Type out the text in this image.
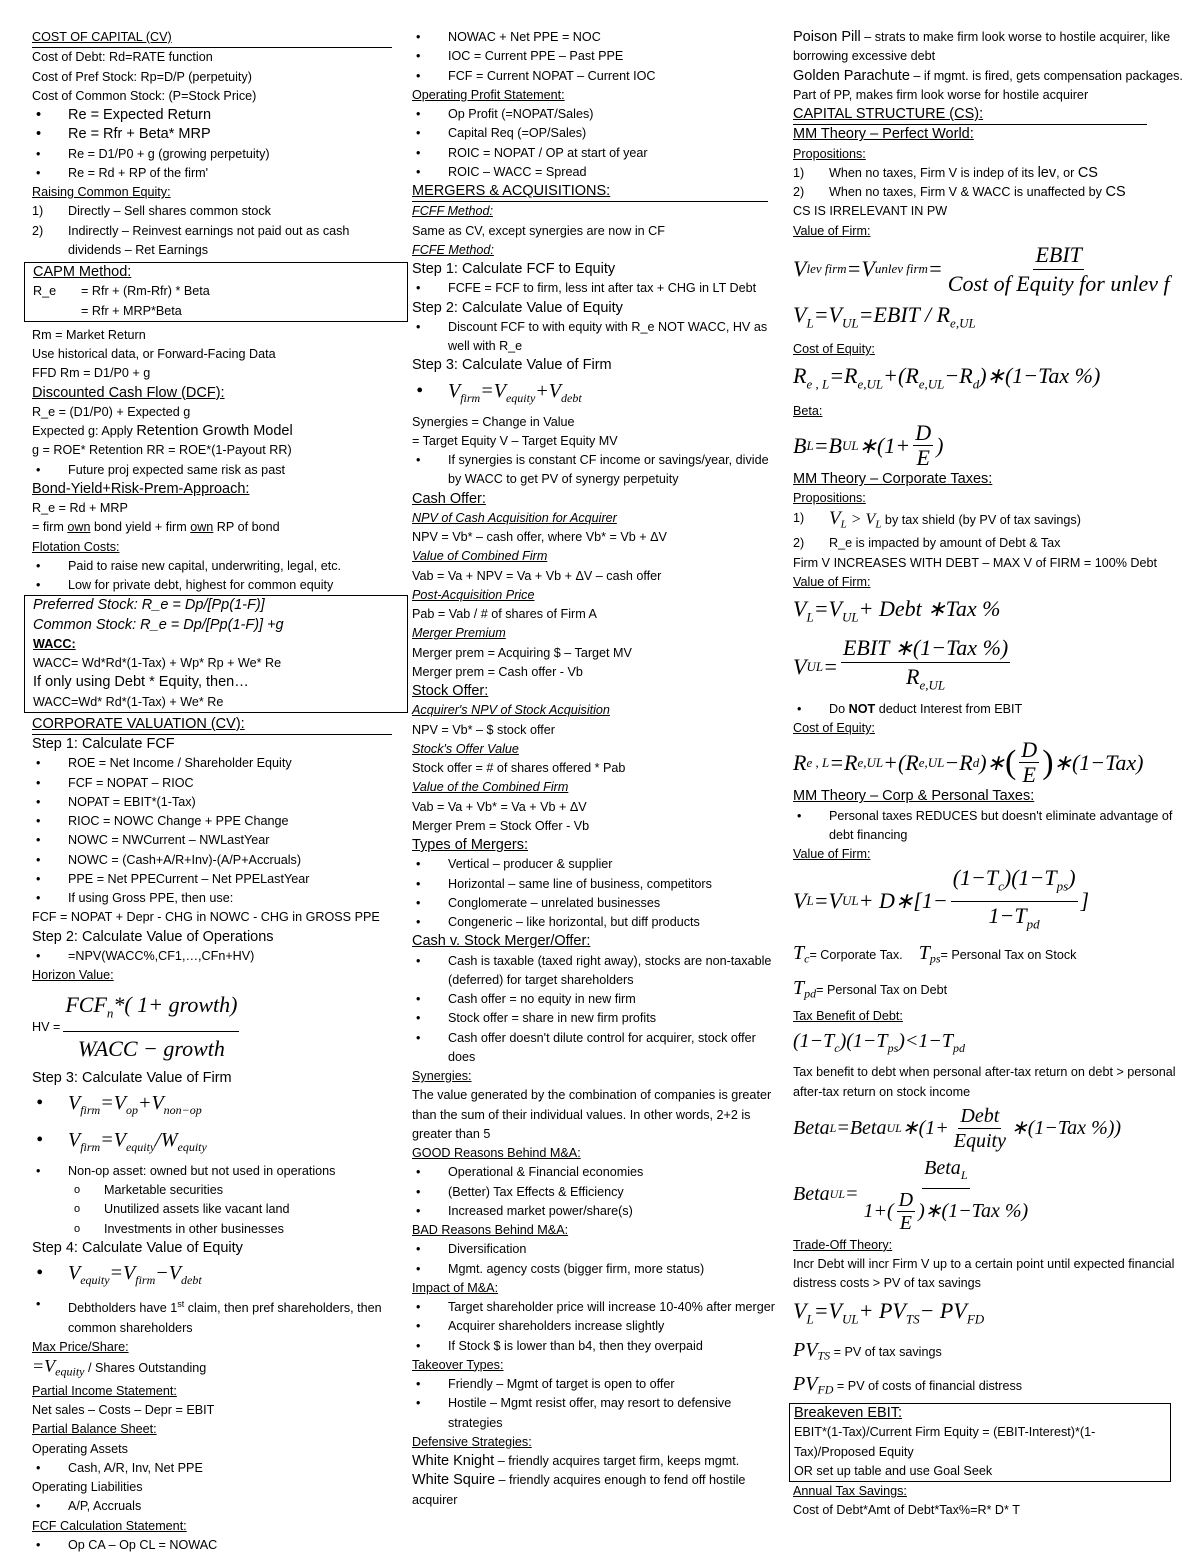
COST OF CAPITAL (CV)
Cost of Debt: Rd=RATE function
Cost of Pref Stock: Rp=D/P (perpetuity)
Cost of Common Stock: (P=Stock Price)
• Re = Expected Return
• Re = Rfr + Beta* MRP
• Re = D1/P0 + g (growing perpetuity)
• Re = Rd + RP of the firm'
Raising Common Equity:
1) Directly – Sell shares common stock
2) Indirectly – Reinvest earnings not paid out as cash dividends – Ret Earnings
CAPM Method:
R_e = Rfr + (Rm-Rfr) * Beta
= Rfr + MRP*Beta
Rm = Market Return
Use historical data, or Forward-Facing Data
FFD Rm = D1/P0 + g
Discounted Cash Flow (DCF):
R_e = (D1/P0) + Expected g
Expected g: Apply Retention Growth Model
g = ROE* Retention RR = ROE*(1-Payout RR)
• Future proj expected same risk as past
Bond-Yield+Risk-Prem-Approach:
R_e = Rd + MRP
= firm own bond yield + firm own RP of bond
Flotation Costs:
• Paid to raise new capital, underwriting, legal, etc.
• Low for private debt, highest for common equity
Preferred Stock: R_e = Dp/[Pp(1-F)]
Common Stock: R_e = Dp/[Pp(1-F)] +g
WACC:
WACC= Wd*Rd*(1-Tax) + Wp* Rp + We* Re
If only using Debt * Equity, then…
WACC=Wd* Rd*(1-Tax) + We* Re
CORPORATE VALUATION (CV):
Step 1: Calculate FCF
• ROE = Net Income / Shareholder Equity
• FCF = NOPAT – RIOC
• NOPAT = EBIT*(1-Tax)
• RIOC = NOWC Change + PPE Change
• NOWC = NWCurrent – NWLastYear
• NOWC = (Cash+A/R+Inv)-(A/P+Accruals)
• PPE = Net PPECurrent – Net PPELastYear
• If using Gross PPE, then use:
FCF = NOPAT + Depr - CHG in NOWC - CHG in GROSS PPE
Step 2: Calculate Value of Operations
• =NPV(WACC%,CF1,…,CFn+HV)
Horizon Value:
HV = $\frac{FCF_n*( 1+ growth)}{\text{WACC − growth}}$
Step 3: Calculate Value of Firm
• $V_{firm}=V_{op}+V_{non-op}$
• $V_{firm}=V_{equity}/W_{equity}$
• Non-op asset: owned but not used in operations
o Marketable securities
o Unutilized assets like vacant land
o Investments in other businesses
Step 4: Calculate Value of Equity
• $V_{equity}=V_{firm}-V_{debt}$
• Debtholders have 1st claim, then pref shareholders, then common shareholders
Max Price/Share:
$=V_{equity}$ / Shares Outstanding
Partial Income Statement:
Net sales – Costs – Depr = EBIT
Partial Balance Sheet:
Operating Assets
• Cash, A/R, Inv, Net PPE
Operating Liabilities
• A/P, Accruals
FCF Calculation Statement:
• Op CA – Op CL = NOWAC
• NOWAC + Net PPE = NOC
• IOC = Current PPE – Past PPE
• FCF = Current NOPAT – Current IOC
Operating Profit Statement:
• Op Profit (=NOPAT/Sales)
• Capital Req (=OP/Sales)
• ROIC = NOPAT / OP at start of year
• ROIC – WACC = Spread
MERGERS & ACQUISITIONS:
FCFF Method:
Same as CV, except synergies are now in CF
FCFE Method:
Step 1: Calculate FCF to Equity
• FCFE = FCF to firm, less int after tax + CHG in LT Debt
Step 2: Calculate Value of Equity
• Discount FCF to with equity with R_e NOT WACC, HV as well with R_e
Step 3: Calculate Value of Firm
• $V_{firm}=V_{equity}+V_{debt}$
Synergies = Change in Value
= Target Equity V – Target Equity MV
• If synergies is constant CF income or savings/year, divide by WACC to get PV of synergy perpetuity
Cash Offer:
NPV of Cash Acquisition for Acquirer
NPV = Vb* – cash offer, where Vb* = Vb + ΔV
Value of Combined Firm
Vab = Va + NPV = Va + Vb + ΔV – cash offer
Post-Acquisition Price
Pab = Vab / # of shares of Firm A
Merger Premium
Merger prem = Acquiring $ – Target MV
Merger prem = Cash offer - Vb
Stock Offer:
Acquirer's NPV of Stock Acquisition
NPV = Vb* – $ stock offer
Stock's Offer Value
Stock offer = # of shares offered * Pab
Value of the Combined Firm
Vab = Va + Vb* = Va + Vb + ΔV
Merger Prem = Stock Offer - Vb
Types of Mergers:
• Vertical – producer & supplier
• Horizontal – same line of business, competitors
• Conglomerate – unrelated businesses
• Congeneric – like horizontal, but diff products
Cash v. Stock Merger/Offer:
• Cash is taxable (taxed right away), stocks are non-taxable (deferred) for target shareholders
• Cash offer = no equity in new firm
• Stock offer = share in new firm profits
• Cash offer doesn't dilute control for acquirer, stock offer does
Synergies:
The value generated by the combination of companies is greater than the sum of their individual values. In other words, 2+2 is greater than 5
GOOD Reasons Behind M&A:
• Operational & Financial economies
• (Better) Tax Effects & Efficiency
• Increased market power/share(s)
BAD Reasons Behind M&A:
• Diversification
• Mgmt. agency costs (bigger firm, more status)
Impact of M&A:
• Target shareholder price will increase 10-40% after merger
• Acquirer shareholders increase slightly
• If Stock $ is lower than b4, then they overpaid
Takeover Types:
• Friendly – Mgmt of target is open to offer
• Hostile – Mgmt resist offer, may resort to defensive strategies
Defensive Strategies:
White Knight – friendly acquires target firm, keeps mgmt.
White Squire – friendly acquires enough to fend off hostile acquirer
Poison Pill – strats to make firm look worse to hostile acquirer, like borrowing excessive debt
Golden Parachute – if mgmt. is fired, gets compensation packages. Part of PP, makes firm look worse for hostile acquirer
CAPITAL STRUCTURE (CS):
MM Theory – Perfect World:
Propositions:
1) When no taxes, Firm V is indep of its lev, or CS
2) When no taxes, Firm V & WACC is unaffected by CS
CS IS IRRELEVANT IN PW
Value of Firm:
V lev firm =V unlev firm = $\frac{\text{EBIT}}{\text{Cost of Equity for unlev f}}$
$V_L=V_{UL}=EBIT / R_{e,UL}$
Cost of Equity:
$R_{e , L}=R_{e,UL}+(R_{e,UL}-R_d)∗(1-Tax$ %)
Beta:
B L =B UL ∗(1+ $\frac{D}{E}$ )
MM Theory – Corporate Taxes:
Propositions:
1) $V_L > V_L$ by tax shield (by PV of tax savings)
2) R_e is impacted by amount of Debt & Tax
Firm V INCREASES WITH DEBT – MAX V of FIRM = 100% Debt
Value of Firm:
$V_L=V_{UL}+$ Debt ∗Tax %
V UL = $\frac{\text{EBIT ∗(1−Tax \%)}}{R_{e,UL}}$
• Do NOT deduct Interest from EBIT
Cost of Equity:
R e , L =R e,UL +(R e,UL −R d )∗ ( $\frac{D}{E}$ ) ∗(1−Tax)
MM Theory – Corp & Personal Taxes:
• Personal taxes REDUCES but doesn't eliminate advantage of debt financing
Value of Firm:
V L =V UL + D∗[1− $\frac{(1-T_c)(1-T_{ps})}{1-T_{pd}}$ ]
$T_c=$ Corporate Tax. $T_{ps}=$ Personal Tax on Stock
$T_{pd}=$ Personal Tax on Debt
Tax Benefit of Debt:
$(1-T_c)(1-T_{ps})<1-T_{pd}$
Tax benefit to debt when personal after-tax return on debt > personal after-tax return on stock income
Beta L =Beta UL ∗(1+ $\frac{\text{Debt}}{\text{Equity}}$ ∗(1−Tax %))
Beta UL = $\frac{Beta_L}{1+( \frac{D}{E} )∗(1-Tax \%)}$
Trade-Off Theory:
Incr Debt will incr Firm V up to a certain point until expected financial distress costs > PV of tax savings
$V_L=V_{UL}+ PV_{TS}- PV_{FD}$
$PV_{TS}$ = PV of tax savings
$PV_{FD}$ = PV of costs of financial distress
Breakeven EBIT:
EBIT*(1-Tax)/Current Firm Equity = (EBIT-Interest)*(1-Tax)/Proposed Equity
OR set up table and use Goal Seek
Annual Tax Savings:
Cost of Debt*Amt of Debt*Tax%=R* D* T
